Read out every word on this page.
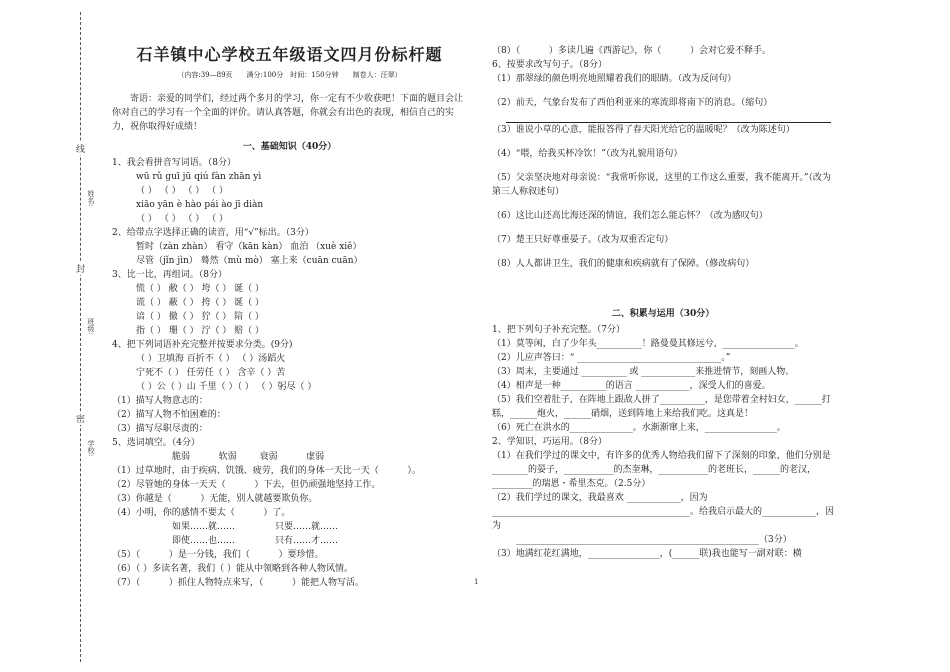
姓名:
班级:
学校:
线
封
密
石羊镇中心学校五年级语文四月份标杆题
（内容:39—89页　　满分:100分　时间：150分钟　　制卷人：汪翠）
寄语：亲爱的同学们，经过两个多月的学习，你一定有不少收获吧！下面的题目会让你对自己的学习有一个全面的评价。请认真答题，你就会有出色的表现，相信自己的实力，祝你取得好成绩！
一、基础知识（40分）
1、我会看拼音写词语。（8分）
wū rǔ guī jū qiú fàn zhān yì
（ ） （ ） （ ） （ ）
xiāo yān è hào pái ào jī diàn
（ ） （ ） （ ） （ ）
2、给带点字选择正确的读音，用“√”标出。（3分）
暂时（zàn zhàn） 看守（kān kàn） 血泊 （xuè xiě）
尽管（jǐn jìn） 蓦然（mù mò） 塞上来（cuān cuān）
3、比一比，再组词。（8分）
慌（ ） 敝（ ） 垮（ ） 诞（ ）
谎（ ） 蔽（ ） 挎（ ） 诞（ ）
谙（ ） 撤（ ） 狞（ ） 陪（ ）
指（ ） 珊（ ） 泞（ ） 赔（ ）
4、把下列词语补充完整并按要求分类。(9分)
（ ）卫填海 百折不（ ） （ ）汤蹈火
宁死不（ ） 任劳任（ ） 含辛（ ）苦
（ ）公（ ）山 千里（ ）（ ） （ ）躬尽（ ）
（1）描写人物意志的：
（2）描写人物不怕困难的：
（3）描写尽职尽责的：
5、选词填空。（4分）
脆弱          软弱        衰弱          虚弱
（1）过草地时，由于疾病、饥饿、疲劳，我们的身体一天比一天（          ）。
（2）尽管她的身体一天天（          ）下去，但仍顽强地坚持工作。
（3）你越是（          ）无能，别人就越要欺负你。
（4）小明，你的感情不要太（          ）了。
如果……就……              只要……就……
即使……也……              只有……才……
（5）（          ）是一分钱，我们（          ）要珍惜。
（6）（ ）多读名著，我们（ ）能从中领略到各种人物风情。
（7）（          ）抓住人物特点来写，（          ）能把人物写活。
（8）（          ）多读几遍《西游记》，你（          ）会对它爱不释手。
6、按要求改写句子。（8分）
（1）那翠绿的颜色明亮地照耀着我们的眼睛。（改为反问句）
（2）前天，气象台发布了西伯利亚来的寒流即将南下的消息。（缩句）
（3）谁说小草的心意，能报答得了春天阳光给它的温暖呢？（改为陈述句）
（4）“喂，给我买杯冷饮！”（改为礼貌用语句）
（5）父亲坚决地对母亲说：“我常听你说，这里的工作这么重要，我不能离开。”（改为第三人称叙述句）
（6）这比山还高比海还深的情谊，我们怎么能忘怀？（改为感叹句）
（7）楚王只好尊重晏子。（改为双重否定句）
（8）人人都讲卫生，我们的健康和疾病就有了保障。（修改病句）
二、积累与运用（30分）
1、把下列句子补充完整。（7分）
（1）莫等闲，白了少年头__________！路曼曼其修远兮，________________。
（2）儿应声答曰：“ ________________________________。”
（3）周末，主要通过 __________ 或 ____________来推进情节，刻画人物。
（4）相声是一种__________的语言 ____________，深受人们的喜爱。
（5）我们空着肚子，在阵地上跟敌人拼了__________，是您带着全村妇女，______打糕，______炮火，______硝烟，送到阵地上来给我们吃。这真是！
（6）死亡在洪水的______________。水渐渐窜上来，________________。
2、学知识，巧运用。（8分）
（1）在我们学过的课文中，有许多的优秀人物给我们留下了深刻的印象，他们分别是________的晏子，___________的杰奎琳，___________的老班长，______的老汉，_________的瑞恩・希里杰克。（2.5分）
（2）我们学过的课文，我最喜欢 ____________，因为 ____________________________________________。给我启示最大的____________，因为
______________________________________________________（3分）
（3）地满红花红满地，________________，(______联)我也能写一副对联：横
1
